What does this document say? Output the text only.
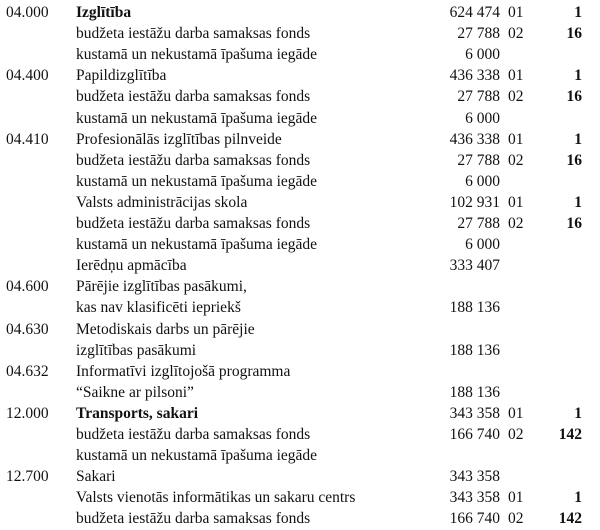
04.000 Izglītība	624 474 01	1
budžeta iestāžu darba samaksas fonds	27 788 02	16
kustamā un nekustamā īpašuma iegāde	6 000
04.400 Papildizglītība	436 338 01	1
budžeta iestāžu darba samaksas fonds	27 788 02	16
kustamā un nekustamā īpašuma iegāde	6 000
04.410 Profesionālās izglītības pilnveide	436 338 01	1
budžeta iestāžu darba samaksas fonds	27 788 02	16
kustamā un nekustamā īpašuma iegāde	6 000
Valsts administrācijas skola	102 931 01	1
budžeta iestāžu darba samaksas fonds	27 788 02	16
kustamā un nekustamā īpašuma iegāde	6 000
Ierēdņu apmācība	333 407
04.600 Pārējie izglītības pasākumi,
kas nav klasificēti iepriekš	188 136
04.630 Metodiskais darbs un pārējie
izglītības pasākumi	188 136
04.632 Informatīvi izglītojošā programma
“Saikne ar pilsoni”	188 136
12.000 Transports, sakari	343 358 01	1
budžeta iestāžu darba samaksas fonds	166 740 02	142
kustamā un nekustamā īpašuma iegāde
12.700 Sakari	343 358
Valsts vienotās informātikas un sakaru centrs	343 358 01	1
budžeta iestāžu darba samaksas fonds	166 740 02	142
